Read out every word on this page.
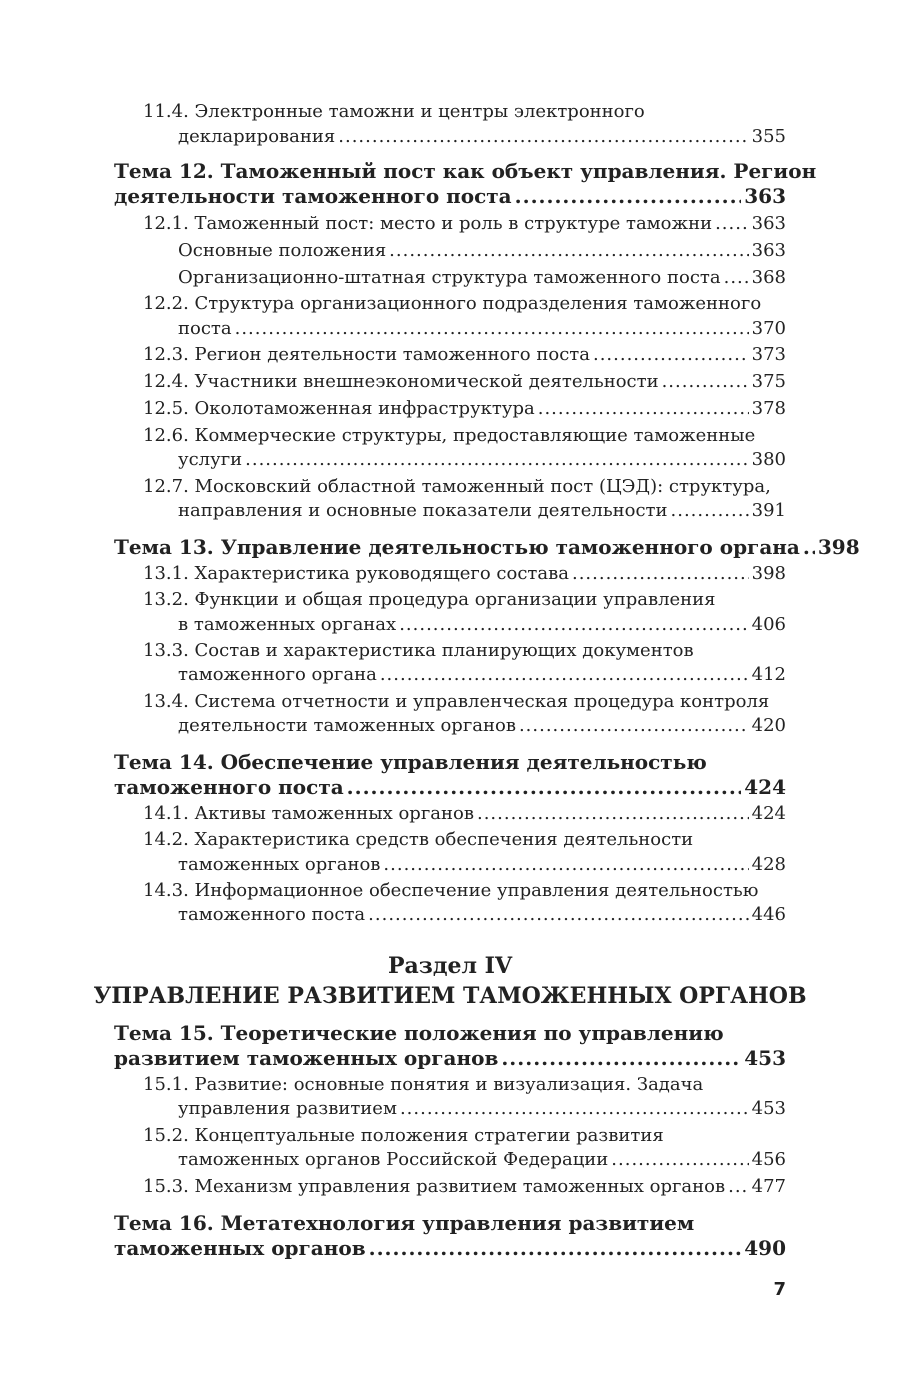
11.4. Электронные таможни и центры электронного
декларирования .....	355
Тема 12. Таможенный пост как объект управления. Регион
деятельности таможенного поста .....	363
12.1. Таможенный пост: место и роль в структуре таможни ..... 363
Основные положения .....	363
Организационно-штатная структура таможенного поста ..... 368
12.2. Структура организационного подразделения таможенного
поста .....	370
12.3. Регион деятельности таможенного поста .....	373
12.4. Участники внешнеэкономической деятельности .....	375
12.5. Околотаможенная инфраструктура .....	378
12.6. Коммерческие структуры, предоставляющие таможенные
услуги .....	380
12.7. Московский областной таможенный пост (ЦЭД): структура,
направления и основные показатели деятельности .....	391
Тема 13. Управление деятельностью таможенного органа ..... 398
13.1. Характеристика руководящего состава .....	398
13.2. Функции и общая процедура организации управления
в таможенных органах .....	406
13.3. Состав и характеристика планирующих документов
таможенного органа .....	412
13.4. Система отчетности и управленческая процедура контроля
деятельности таможенных органов .....	420
Тема 14. Обеспечение управления деятельностью
таможенного поста .....	424
14.1. Активы таможенных органов .....	424
14.2. Характеристика средств обеспечения деятельности
таможенных органов .....	428
14.3. Информационное обеспечение управления деятельностью
таможенного поста .....	446
Раздел IV
УПРАВЛЕНИЕ РАЗВИТИЕМ ТАМОЖЕННЫХ ОРГАНОВ
Тема 15. Теоретические положения по управлению
развитием таможенных органов .....	453
15.1. Развитие: основные понятия и визуализация. Задача
управления развитием .....	453
15.2. Концептуальные положения стратегии развития
таможенных органов Российской Федерации .....	456
15.3. Механизм управления развитием таможенных органов ..... 477
Тема 16. Метатехнология управления развитием
таможенных органов .....	490
7
